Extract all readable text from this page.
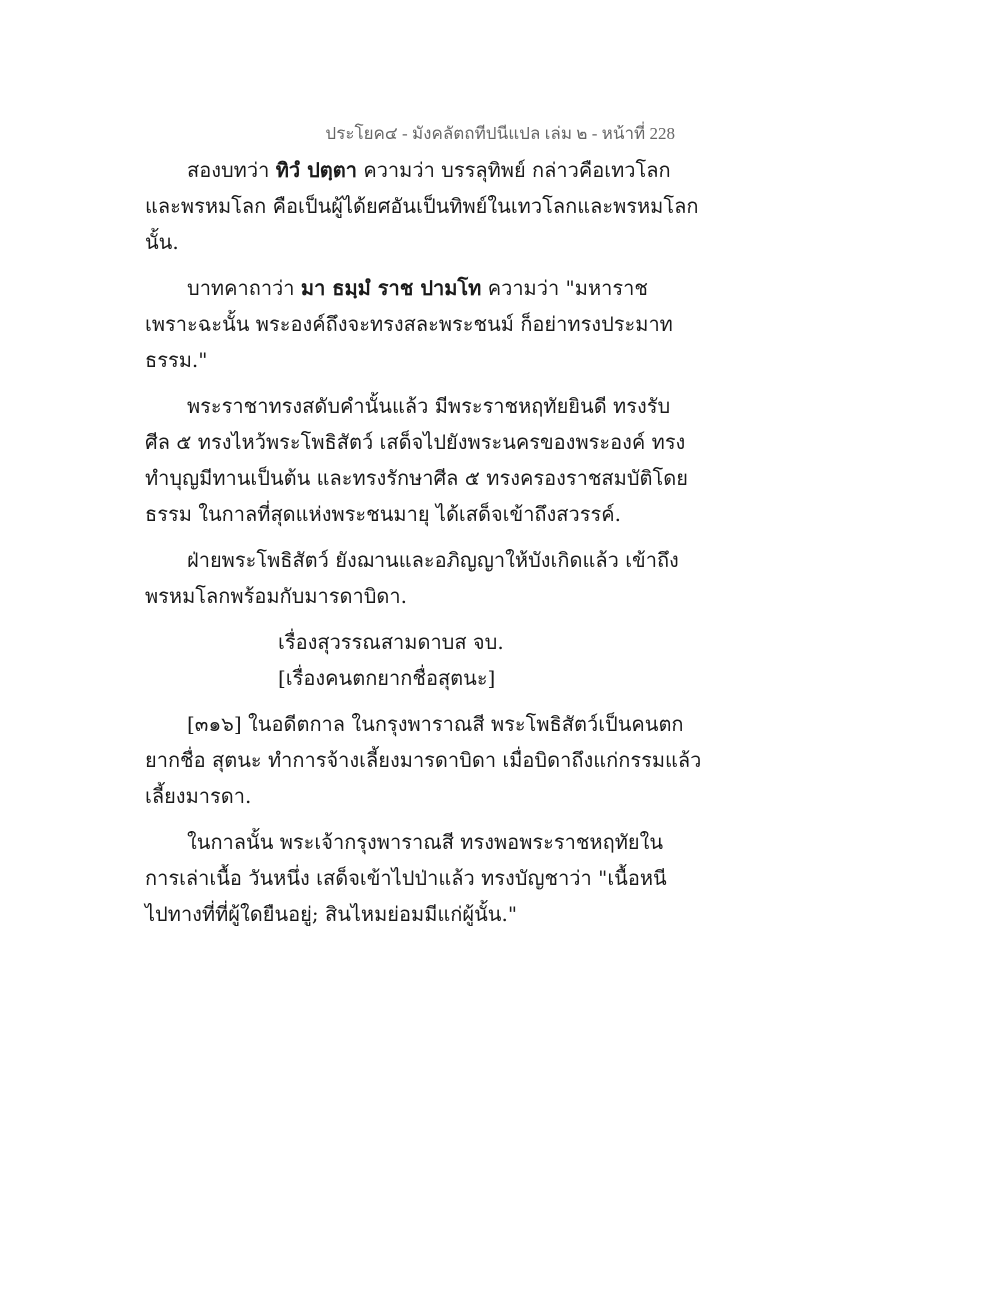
ประโยค๔ - มังคลัตถทีปนีแปล เล่ม ๒ - หน้าที่ 228
สองบทว่า ทิวํ ปตฺตา ความว่า บรรลุทิพย์ กล่าวคือเทวโลก
และพรหมโลก คือเป็นผู้ได้ยศอันเป็นทิพย์ในเทวโลกและพรหมโลก
นั้น.
บาทคาถาว่า มา ธมฺมํ ราช ปามโท ความว่า "มหาราช
เพราะฉะนั้น พระองค์ถึงจะทรงสละพระชนม์ ก็อย่าทรงประมาท
ธรรม."
พระราชาทรงสดับคำนั้นแล้ว มีพระราชหฤทัยยินดี ทรงรับ
ศีล ๕ ทรงไหว้พระโพธิสัตว์ เสด็จไปยังพระนครของพระองค์ ทรง
ทำบุญมีทานเป็นต้น และทรงรักษาศีล ๕ ทรงครองราชสมบัติโดย
ธรรม ในกาลที่สุดแห่งพระชนมายุ ได้เสด็จเข้าถึงสวรรค์.
ฝ่ายพระโพธิสัตว์ ยังฌานและอภิญญาให้บังเกิดแล้ว เข้าถึง
พรหมโลกพร้อมกับมารดาบิดา.
เรื่องสุวรรณสามดาบส จบ.
[เรื่องคนตกยากชื่อสุตนะ]
[๓๑๖] ในอดีตกาล ในกรุงพาราณสี พระโพธิสัตว์เป็นคนตก
ยากชื่อ สุตนะ ทำการจ้างเลี้ยงมารดาบิดา เมื่อบิดาถึงแก่กรรมแล้ว
เลี้ยงมารดา.
ในกาลนั้น พระเจ้ากรุงพาราณสี ทรงพอพระราชหฤทัยใน
การเล่าเนื้อ วันหนึ่ง เสด็จเข้าไปป่าแล้ว ทรงบัญชาว่า "เนื้อหนี
ไปทางที่ที่ผู้ใดยืนอยู่; สินไหมย่อมมีแก่ผู้นั้น."
